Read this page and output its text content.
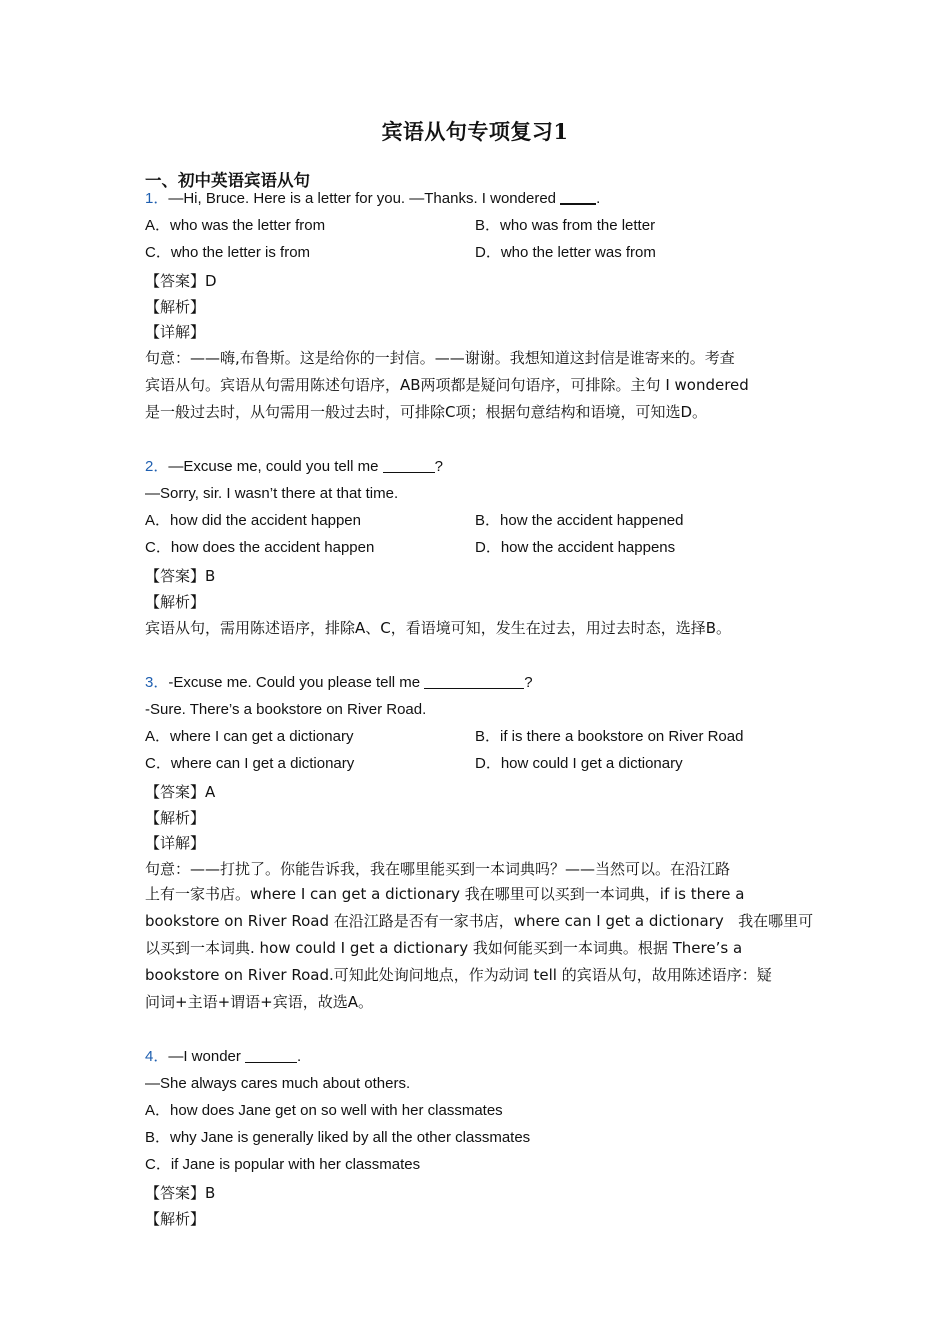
宾语从句专项复习1
一、初中英语宾语从句
1．—Hi, Bruce. Here is a letter for you. —Thanks. I wondered .
A．who was the letter from	B．who was from the letter
C．who the letter is from	D．who the letter was from
【答案】D
【解析】
【详解】
句意：——嗨,布鲁斯。这是给你的一封信。——谢谢。我想知道这封信是谁寄来的。考查
宾语从句。宾语从句需用陈述句语序，AB两项都是疑问句语序，可排除。主句 I wondered
是一般过去时，从句需用一般过去时，可排除C项；根据句意结构和语境，可知选D。
2．—Excuse me, could you tell me	?
—Sorry, sir. I wasn’t there at that time.
A．how did the accident happen	B．how the accident happened
C．how does the accident happen	D．how the accident happens
【答案】B
【解析】
宾语从句，需用陈述语序，排除A、C，看语境可知，发生在过去，用过去时态，选择B。
3．-Excuse me. Could you please tell me	?
-Sure. There’s a bookstore on River Road.
A．where I can get a dictionary	B．if is there a bookstore on River Road
C．where can I get a dictionary	D．how could I get a dictionary
【答案】A
【解析】
【详解】
句意：——打扰了。你能告诉我，我在哪里能买到一本词典吗？——当然可以。在沿江路
上有一家书店。where I can get a dictionary 我在哪里可以买到一本词典，if is there a
bookstore on River Road 在沿江路是否有一家书店，where can I get a dictionary   我在哪里可
以买到一本词典. how could I get a dictionary 我如何能买到一本词典。根据 There’s a
bookstore on River Road.可知此处询问地点，作为动词 tell 的宾语从句，故用陈述语序：疑
问词+主语+谓语+宾语，故选A。
4．—I wonder	.
—She always cares much about others.
A．how does Jane get on so well with her classmates
B．why Jane is generally liked by all the other classmates
C．if Jane is popular with her classmates
【答案】B
【解析】
